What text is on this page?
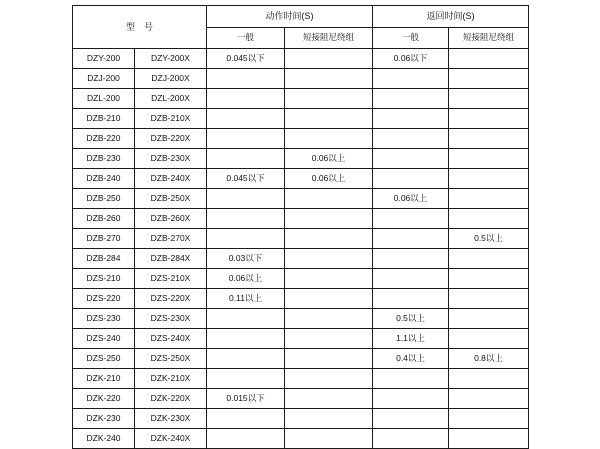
型　号		动作时间(S)		返回时间(S)	
		一般	短接阻尼绕组	一般	短接阻尼绕组
DZY-200	DZY-200X	0.045以下		0.06以下	
DZJ-200	DZJ-200X				
DZL-200	DZL-200X				
DZB-210	DZB-210X				
DZB-220	DZB-220X				
DZB-230	DZB-230X		0.06以上		
DZB-240	DZB-240X	0.045以下	0.06以上		
DZB-250	DZB-250X			0.06以上	
DZB-260	DZB-260X				
DZB-270	DZB-270X				0.5以上
DZB-284	DZB-284X	0.03以下			
DZS-210	DZS-210X	0.06以上			
DZS-220	DZS-220X	0.11以上			
DZS-230	DZS-230X			0.5以上	
DZS-240	DZS-240X			1.1以上	
DZS-250	DZS-250X			0.4以上	0.8以上
DZK-210	DZK-210X				
DZK-220	DZK-220X	0.015以下			
DZK-230	DZK-230X				
DZK-240	DZK-240X				
